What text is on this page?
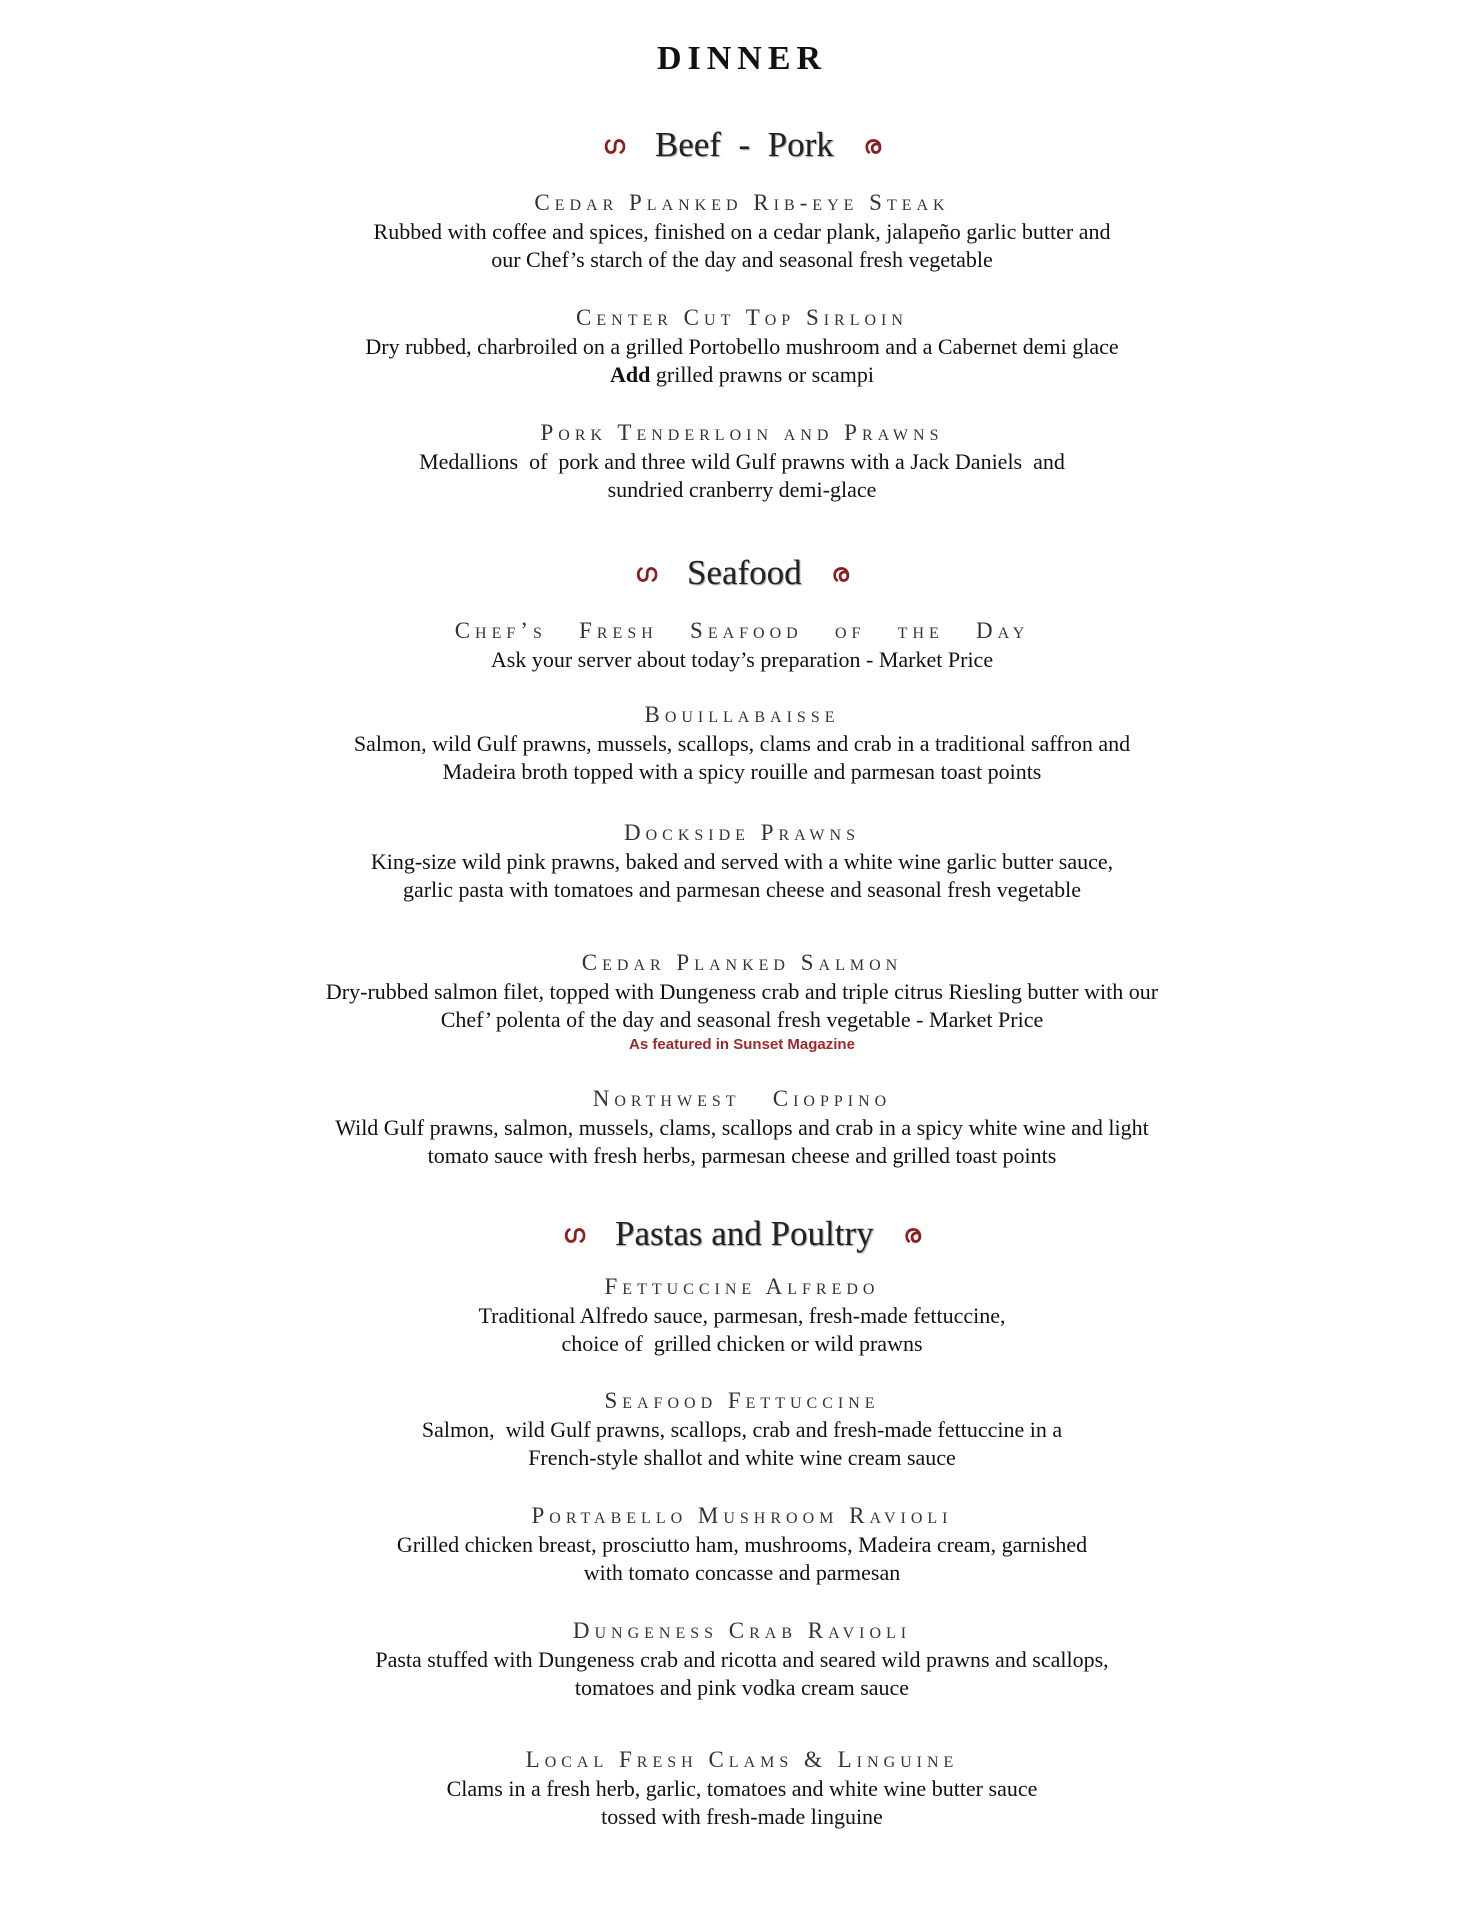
DINNER
ഗ Beef  -  Pork ര
Cedar Planked Rib-eye Steak
Rubbed with coffee and spices, finished on a cedar plank, jalapeño garlic butter and
our Chef’s starch of the day and seasonal fresh vegetable
Center Cut Top Sirloin
Dry rubbed, charbroiled on a grilled Portobello mushroom and a Cabernet demi glace
Add grilled prawns or scampi
Pork Tenderloin and Prawns
Medallions  of  pork and three wild Gulf prawns with a Jack Daniels  and
sundried cranberry demi-glace
ഗ Seafood ര
Chef’s   Fresh   Seafood   of   the   Day
Ask your server about today’s preparation - Market Price
Bouillabaisse
Salmon, wild Gulf prawns, mussels, scallops, clams and crab in a traditional saffron and
Madeira broth topped with a spicy rouille and parmesan toast points
Dockside Prawns
King-size wild pink prawns, baked and served with a white wine garlic butter sauce,
garlic pasta with tomatoes and parmesan cheese and seasonal fresh vegetable
Cedar Planked Salmon
Dry-rubbed salmon filet, topped with Dungeness crab and triple citrus Riesling butter with our
Chef’ polenta of the day and seasonal fresh vegetable - Market Price
As featured in Sunset Magazine
Northwest   Cioppino
Wild Gulf prawns, salmon, mussels, clams, scallops and crab in a spicy white wine and light
tomato sauce with fresh herbs, parmesan cheese and grilled toast points
ഗ Pastas and Poultry ര
Fettuccine Alfredo
Traditional Alfredo sauce, parmesan, fresh-made fettuccine,
choice of  grilled chicken or wild prawns
Seafood Fettuccine
Salmon,  wild Gulf prawns, scallops, crab and fresh-made fettuccine in a
French-style shallot and white wine cream sauce
Portabello Mushroom Ravioli
Grilled chicken breast, prosciutto ham, mushrooms, Madeira cream, garnished
with tomato concasse and parmesan
Dungeness Crab Ravioli
Pasta stuffed with Dungeness crab and ricotta and seared wild prawns and scallops,
tomatoes and pink vodka cream sauce
Local Fresh Clams & Linguine
Clams in a fresh herb, garlic, tomatoes and white wine butter sauce
tossed with fresh-made linguine
